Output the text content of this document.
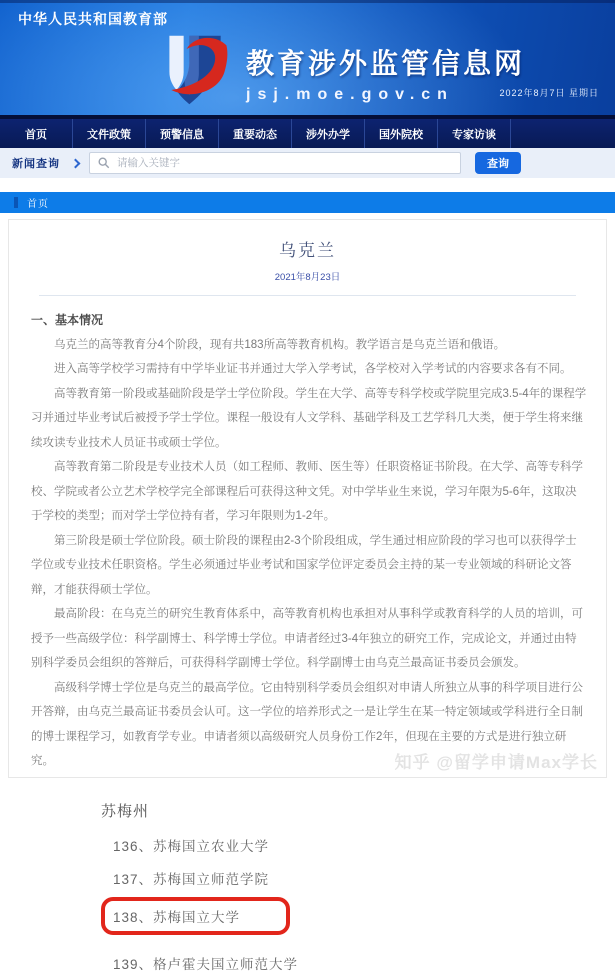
中华人民共和国教育部
教育涉外监管信息网
jsj.moe.gov.cn	2022年8月7日 星期日
首页	文件政策	预警信息	重要动态	涉外办学	国外院校	专家访谈
新闻查询
请输入关键字	查询
首页
乌克兰
2021年8月23日
一、基本情况

乌克兰的高等教育分4个阶段，现有共183所高等教育机构。教学语言是乌克兰语和俄语。

进入高等学校学习需持有中学毕业证书并通过大学入学考试，各学校对入学考试的内容要求各有不同。

高等教育第一阶段或基础阶段是学士学位阶段。学生在大学、高等专科学校或学院里完成3.5-4年的课程学习并通过毕业考试后被授予学士学位。课程一般设有人文学科、基础学科及工艺学科几大类，便于学生将来继续攻读专业技术人员证书或硕士学位。

高等教育第二阶段是专业技术人员（如工程师、教师、医生等）任职资格证书阶段。在大学、高等专科学校、学院或者公立艺术学校学完全部课程后可获得这种文凭。对中学毕业生来说，学习年限为5-6年，这取决于学校的类型；而对学士学位持有者，学习年限则为1-2年。

第三阶段是硕士学位阶段。硕士阶段的课程由2-3个阶段组成，学生通过相应阶段的学习也可以获得学士学位或专业技术任职资格。学生必须通过毕业考试和国家学位评定委员会主持的某一专业领域的科研论文答辩，才能获得硕士学位。

最高阶段：在乌克兰的研究生教育体系中，高等教育机构也承担对从事科学或教育科学的人员的培训，可授予一些高级学位：科学副博士、科学博士学位。申请者经过3-4年独立的研究工作，完成论文，并通过由特别科学委员会组织的答辩后，可获得科学副博士学位。科学副博士由乌克兰最高证书委员会颁发。

高级科学博士学位是乌克兰的最高学位。它由特别科学委员会组织对申请人所独立从事的科学项目进行公开答辩，由乌克兰最高证书委员会认可。这一学位的培养形式之一是让学生在某一特定领域或学科进行全日制的博士课程学习，如教育学专业。申请者须以高级研究人员身份工作2年，但现在主要的方式是进行独立研究。

苏梅州
136、苏梅国立农业大学
137、苏梅国立师范学院
138、苏梅国立大学
139、格卢霍夫国立师范大学
知乎 @留学申请Max学长
